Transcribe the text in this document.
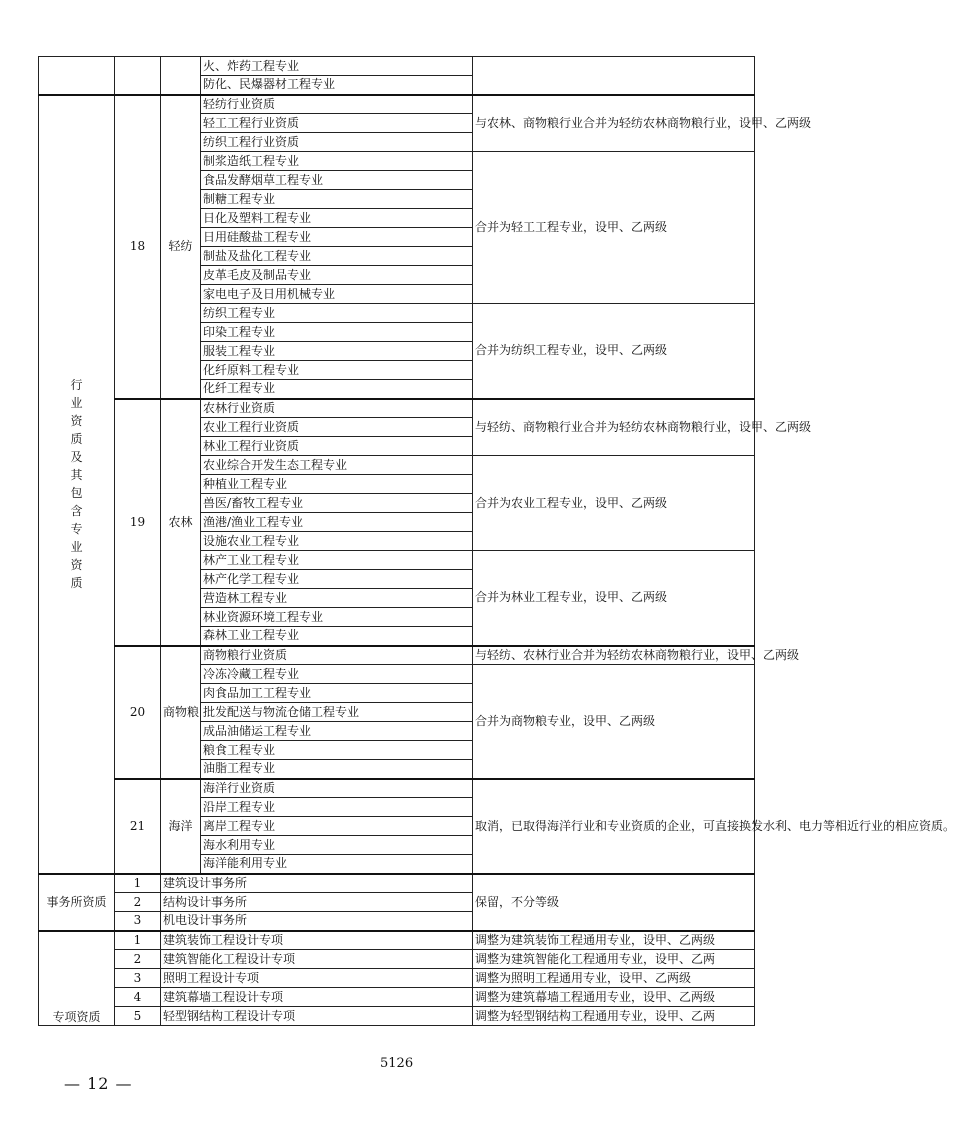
			火、炸药工程专业	
			防化、民爆器材工程专业	

行业资质及其包含专业资质	18	轻纺	轻纺行业资质	与农林、商物粮行业合并为轻纺农林商物粮行业，设甲、乙两级
			轻工工程行业资质	
			纺织工程行业资质	
			制浆造纸工程专业	合并为轻工工程专业，设甲、乙两级
			食品发酵烟草工程专业	
			制糖工程专业	
			日化及塑料工程专业	
			日用硅酸盐工程专业	
			制盐及盐化工程专业	
			皮革毛皮及制品专业	
			家电电子及日用机械专业	
			纺织工程专业	合并为纺织工程专业，设甲、乙两级
			印染工程专业	
			服装工程专业	
			化纤原料工程专业	
			化纤工程专业	
	19	农林	农林行业资质	与轻纺、商物粮行业合并为轻纺农林商物粮行业，设甲、乙两级
			农业工程行业资质	
			林业工程行业资质	
			农业综合开发生态工程专业	合并为农业工程专业，设甲、乙两级
			种植业工程专业	
			兽医/畜牧工程专业	
			渔港/渔业工程专业	
			设施农业工程专业	
			林产工业工程专业	合并为林业工程专业，设甲、乙两级
			林产化学工程专业	
			营造林工程专业	
			林业资源环境工程专业	
			森林工业工程专业	
	20	商物粮	商物粮行业资质	与轻纺、农林行业合并为轻纺农林商物粮行业，设甲、乙两级
			冷冻冷藏工程专业	合并为商物粮专业，设甲、乙两级
			肉食品加工工程专业	
			批发配送与物流仓储工程专业	
			成品油储运工程专业	
			粮食工程专业	
			油脂工程专业	
	21	海洋	海洋行业资质	取消，已取得海洋行业和专业资质的企业，可直接换发水利、电力等相近行业的相应资质。
			沿岸工程专业	
			离岸工程专业	
			海水利用专业	
			海洋能利用专业	
事务所资质	1	建筑设计事务所		保留，不分等级
	2	结构设计事务所		
	3	机电设计事务所		
专项资质	1	建筑装饰工程设计专项		调整为建筑装饰工程通用专业，设甲、乙两级
	2	建筑智能化工程设计专项		调整为建筑智能化工程通用专业，设甲、乙两
	3	照明工程设计专项		调整为照明工程通用专业，设甲、乙两级
	4	建筑幕墙工程设计专项		调整为建筑幕墙工程通用专业，设甲、乙两级
	5	轻型钢结构工程设计专项		调整为轻型钢结构工程通用专业，设甲、乙两
5126
— 12 —
